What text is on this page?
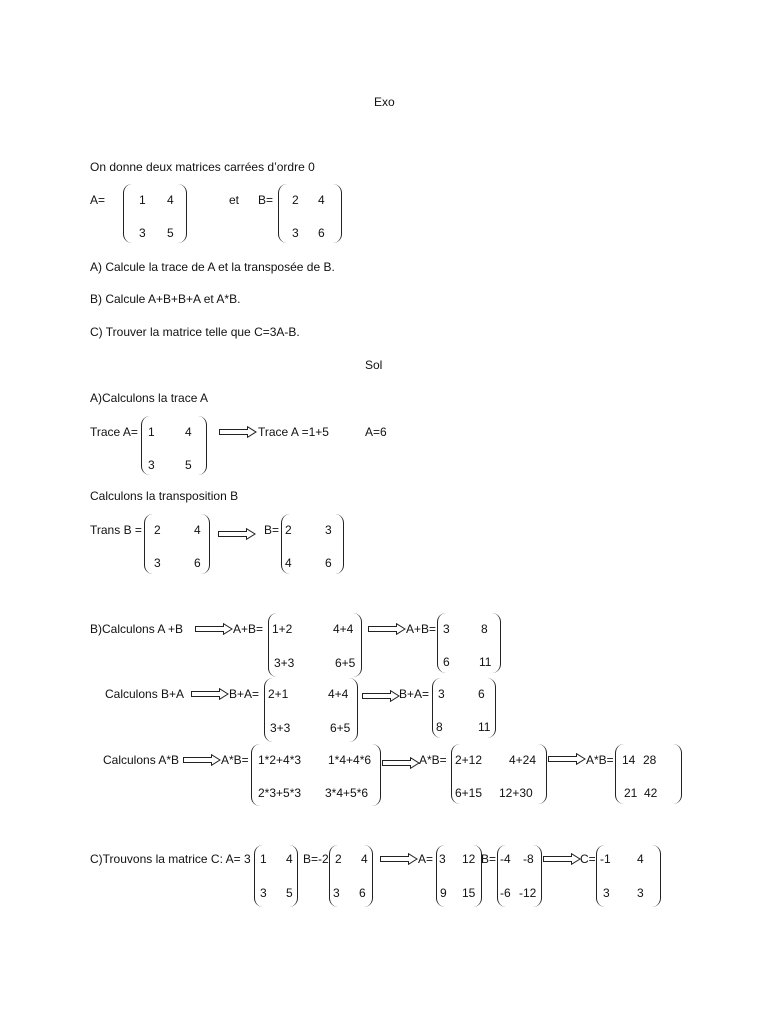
Exo
On donne deux matrices carrées d’ordre 0
A=	1 4
3 5
et B= 2 4
3 6
A) Calcule la trace de A et la transposée de B.
B) Calcule A+B+B+A et A*B.
C) Trouver la matrice telle que C=3A-B.
Sol
A)Calculons la trace A
Trace A= 1	4
3	5
Trace A =1+5	A=6
Calculons la transposition B
Trans B = 2	4
3	6
B= 2	3
4	6
B)Calculons A +B	A+B= 1+2	4+4
3+3	6+5
A+B= 3	8
6 11
Calculons B+A	B+A= 2+1	4+4
3+3	6+5
B+A= 3	6
8	11
Calculons A*B	A*B= 1*2+4*3 1*4+4*6
2*3+5*3 3*4+5*6
A*B= 2+12 4+24
6+15 12+30
A*B= 14 28
21 42
C)Trouvons la matrice C: A= 3 1 4
3 5
B=-2 2 4
3 6
A= 3 12
9 15
B= -4 -8
-6 -12
C= -1 4
3 3
